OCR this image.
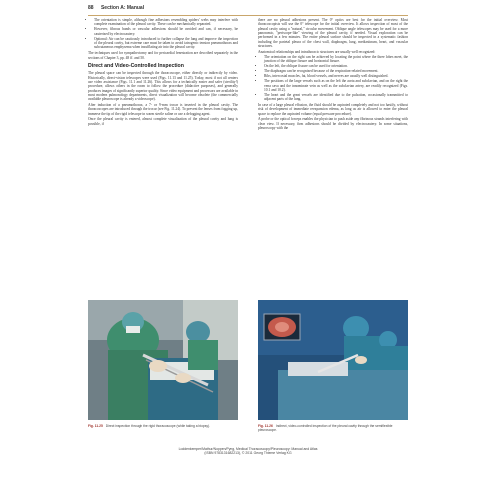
88 Section A: Manual
• The orientation is simple, although fine adhesions resembling spiders' webs may interfere with complete examination of the pleural cavity. These can be mechanically separated.
• However, fibrous bands or vascular adhesions should be avoided and can, if necessary, be cauterized by electrocautery.
• Optional: Air can be cautiously introduced to further collapse the lung and improve the inspection of the pleural cavity, but extreme care must be taken to avoid iatrogenic tension pneumothorax and subcutaneous emphysema when insufflating air into the pleural cavity.

The techniques used for sympathectomy and for pericardial fenestration are described separately in the sections of Chapter 3, pp. 48 ff. and 50.

Direct and Video-Controlled Inspection

The pleural space can be inspected through the thoracoscope, either directly or indirectly by video. Historically, direct-vision telescopes were used (Figs. 11.13 and 11.25). Today, most if not all centers use video assistance (Figs. 11.1 and 11.26). This allows for a technically easier and safer (sterility!) procedure, allows others in the room to follow the procedure (didactive purposes), and generally produces images of significantly superior quality. Since video equipment and processors are available in most modern pulmonology departments, direct visualization will become obsolete (the commercially available pleuroscope is already a videoscope).

After induction of a pneumothorax, a 7- or 9-mm trocar is inserted in the pleural cavity. The thoracoscopes are introduced through the trocar (see Fig. 11.24). To prevent the lenses from fogging up, immerse the tip of the rigid telescope in warm sterile saline or use a defogging agent.

Once the pleural cavity is entered, almost complete visualization of the pleural cavity and lung is possible, if

there are no pleural adhesions present. The 0° optics are best for the initial overview. Most thoracoscopists will use the 0° telescope for the initial overview. It allows inspection of most of the pleural cavity using a "natural," circular movement. Oblique angle telescopes may be used for a more panoramic, "periscope-like" viewing of the pleural cavity, if needed. Visual exploration can be performed in a few minutes. The entire pleural surface should be inspected in a systematic fashion including the parietal pleura of the chest wall, diaphragm, lung, mediastinum, heart, and vascular structures.

Anatomical relationships and intrathoracic structures are usually well recognized:

• The orientation on the right can be achieved by locating the point where the three lobes meet, the junction of the oblique fissure and horizontal fissure.
• On the left, the oblique fissure can be used for orientation.
• The diaphragm can be recognized because of the respiration-related movement.
• Ribs, intercostal muscles, fat, blood vessels, and nerves are usually well distinguished.
• The positions of the large vessels such as on the left the aorta and subclavian, and on the right the vena cava and the innominate vein as well as the subclavian artery, are readily recognized (Figs. 10.1 and 10.2).
• The heart and the great vessels are identified due to the pulsation, occasionally transmitted to adjacent parts of the lung.

In case of a large pleural effusion, the fluid should be aspirated completely and not too hastily, without risk of development of immediate reexpansion edema, as long as air is allowed to enter the pleural space to replace the aspirated volume (equal pressure procedure).

A probe or the optical forceps enables the physician to push aside any fibrinous strands interfering with clear view. If necessary, firm adhesions should be divided by electrocautery. In some situations, pleuroscopy with the

Fig. 11.25 Direct inspection through the rigid thoracoscope (while taking a biopsy).	Fig. 11.26 Indirect, video-controlled inspection of the pleural cavity through the semiflexible pleuroscope.
Loddenkemper/Mathur/Noppen/Pyng, Medical Thoracoscopy/Pleuroscopy: Manual and Atlas
(ISBN 9783131682213), © 2011 Georg Thieme Verlag KG
